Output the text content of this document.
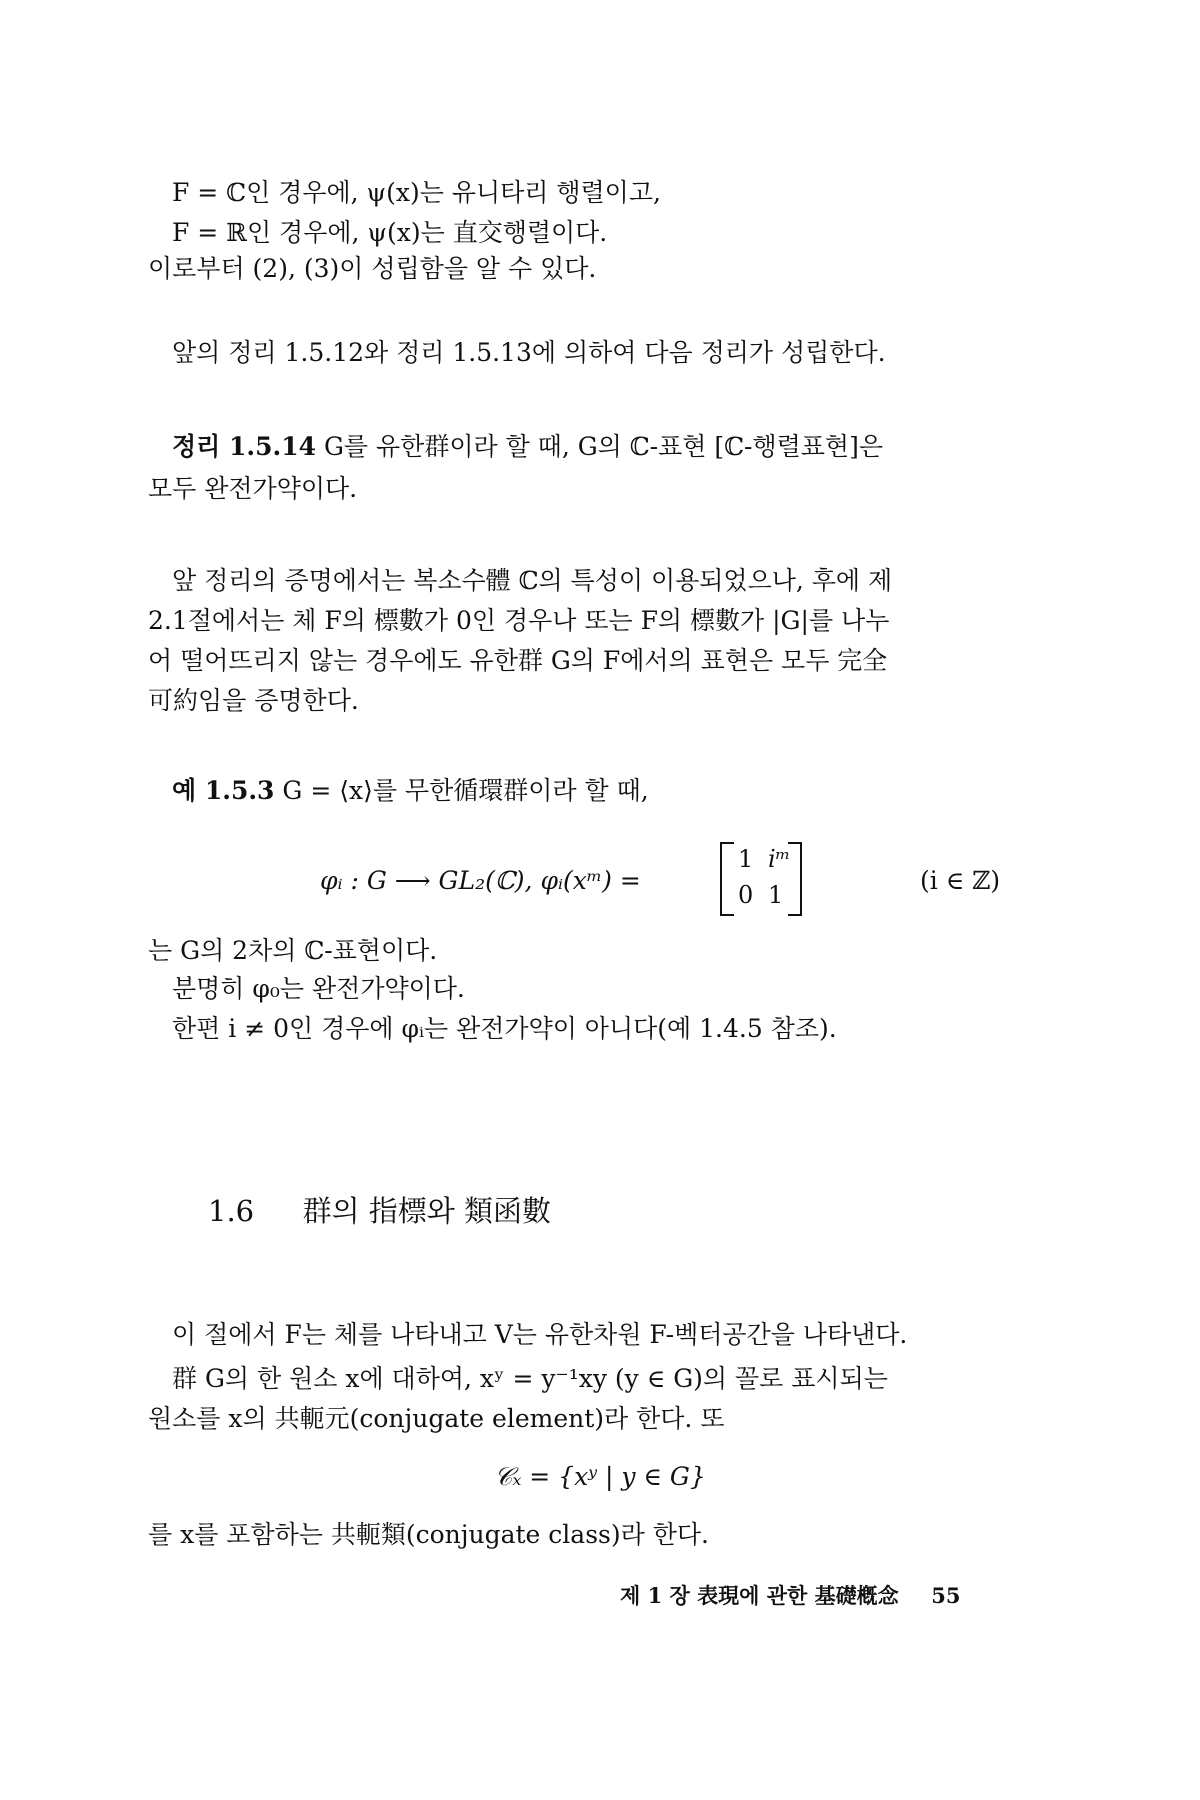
F = ℂ인 경우에, ψ(x)는 유니타리 행렬이고,
F = ℝ인 경우에, ψ(x)는 直交행렬이다.
이로부터 (2), (3)이 성립함을 알 수 있다.
앞의 정리 1.5.12와 정리 1.5.13에 의하여 다음 정리가 성립한다.
정리 1.5.14 G를 유한群이라 할 때, G의 ℂ-표현 [ℂ-행렬표현]은
모두 완전가약이다.
앞 정리의 증명에서는 복소수體 ℂ의 특성이 이용되었으나, 후에 제
2.1절에서는 체 F의 標數가 0인 경우나 또는 F의 標數가 |G|를 나누
어 떨어뜨리지 않는 경우에도 유한群 G의 F에서의 표현은 모두 完全
可約임을 증명한다.
예 1.5.3 G = ⟨x⟩를 무한循環群이라 할 때,
φᵢ : G ⟶ GL₂(ℂ), φᵢ(xᵐ) =
1 iᵐ
0 1	(i ∈ ℤ)
는 G의 2차의 ℂ-표현이다.
분명히 φ₀는 완전가약이다.
한편 i ≠ 0인 경우에 φᵢ는 완전가약이 아니다(예 1.4.5 참조).
1.6 群의 指標와 類函數
이 절에서 F는 체를 나타내고 V는 유한차원 F-벡터공간을 나타낸다.
群 G의 한 원소 x에 대하여, xʸ = y⁻¹xy (y ∈ G)의 꼴로 표시되는
원소를 x의 共軛元(conjugate element)라 한다. 또
𝒞ₓ = {xʸ | y ∈ G}
를 x를 포함하는 共軛類(conjugate class)라 한다.
제 1 장 表現에 관한 基礎槪念 55
